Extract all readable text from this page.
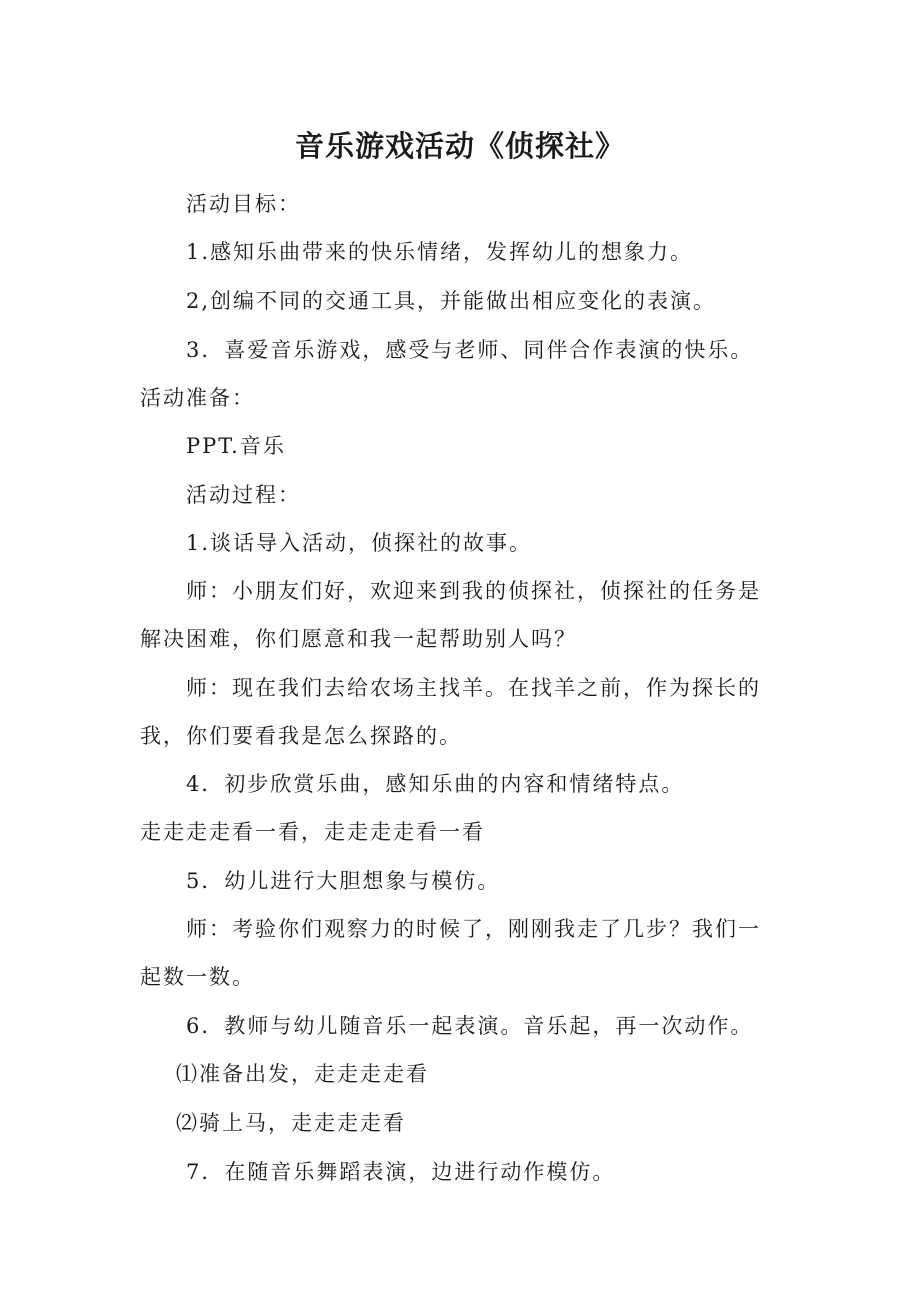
音乐游戏活动《侦探社》

活动目标：

1.感知乐曲带来的快乐情绪，发挥幼儿的想象力。

2,创编不同的交通工具，并能做出相应变化的表演。

3．喜爱音乐游戏，感受与老师、同伴合作表演的快乐。

活动准备：

PPT.音乐

活动过程：

1.谈话导入活动，侦探社的故事。

师：小朋友们好，欢迎来到我的侦探社，侦探社的任务是

解决困难，你们愿意和我一起帮助别人吗？

师：现在我们去给农场主找羊。在找羊之前，作为探长的

我，你们要看我是怎么探路的。

4．初步欣赏乐曲，感知乐曲的内容和情绪特点。

走走走走看一看，走走走走看一看

5．幼儿进行大胆想象与模仿。

师：考验你们观察力的时候了，刚刚我走了几步？我们一

起数一数。

6．教师与幼儿随音乐一起表演。音乐起，再一次动作。

⑴准备出发，走走走走看

⑵骑上马，走走走走看

7．在随音乐舞蹈表演，边进行动作模仿。
